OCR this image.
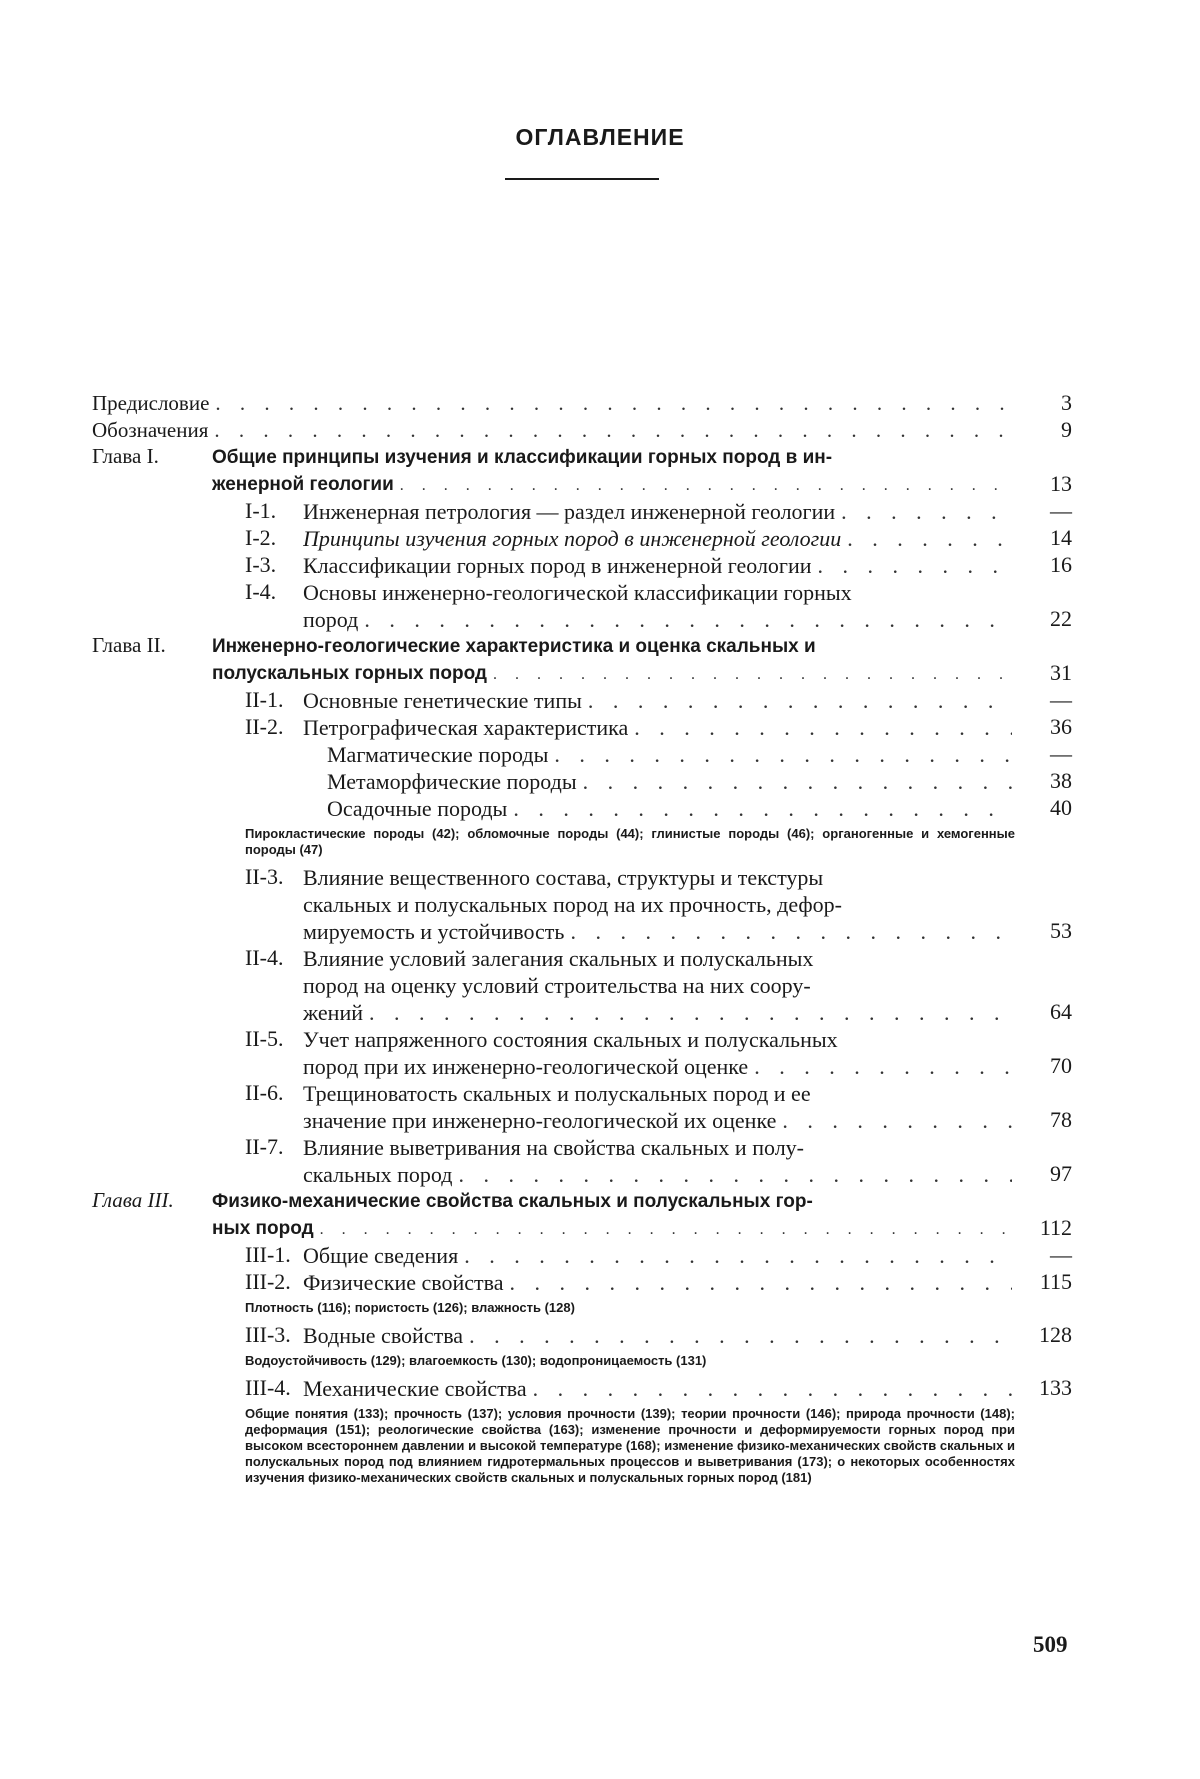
ОГЛАВЛЕНИЕ
Предисловие
. . .	3
Обозначения
. . .	9
Глава I.	Общие принципы изучения и классификации горных пород в ин-
женерной геологии
. . .	13
I-1.	Инженерная петрология — раздел инженерной геологии
. . .	—
I-2.	Принципы изучения горных пород в инженерной геологии
. . .	14
I-3.	Классификации горных пород в инженерной геологии
. . .	16
I-4.	Основы инженерно-геологической классификации горных
пород
. . .	22
Глава II.	Инженерно-геологические характеристика и оценка скальных и
полускальных горных пород
. . .	31
II-1. Основные генетические типы
. . .	—
II-2. Петрографическая характеристика
. . .	36
Магматические породы
. . .	—
Метаморфические породы
. . .	38
Осадочные породы
. . .	40
Пирокластические породы (42); обломочные породы (44); глинистые породы (46); органогенные и хемогенные породы (47)
II-3. Влияние вещественного состава, структуры и текстуры
скальных и полускальных пород на их прочность, дефор-
мируемость и устойчивость
. . .	53
II-4. Влияние условий залегания скальных и полускальных
пород на оценку условий строительства на них соору-
жений
. . .	64
II-5. Учет напряженного состояния скальных и полускальных
пород при их инженерно-геологической оценке
. . .	70
II-6. Трещиноватость скальных и полускальных пород и ее
значение при инженерно-геологической их оценке
. . .	78
II-7. Влияние выветривания на свойства скальных и полу-
скальных пород
. . .	97
Глава III.	Физико-механические свойства скальных и полускальных гор-
ных пород
. . .	112
III-1. Общие сведения
. . .	—
III-2. Физические свойства
. . .	115
Плотность (116); пористость (126); влажность (128)
III-3. Водные свойства
. . .	128
Водоустойчивость (129); влагоемкость (130); водопроницаемость (131)
III-4. Механические свойства
. . .	133
Общие понятия (133); прочность (137); условия прочности (139); теории прочности (146); природа прочности (148); деформация (151); реологические свойства (163); изменение прочности и деформируемости горных пород при высоком всестороннем давлении и высокой температуре (168); изменение физико-механических свойств скальных и полускальных пород под влиянием гидротермальных процессов и выветривания (173); о некоторых особенностях изучения физико-механических свойств скальных и полускальных горных пород (181)
509
